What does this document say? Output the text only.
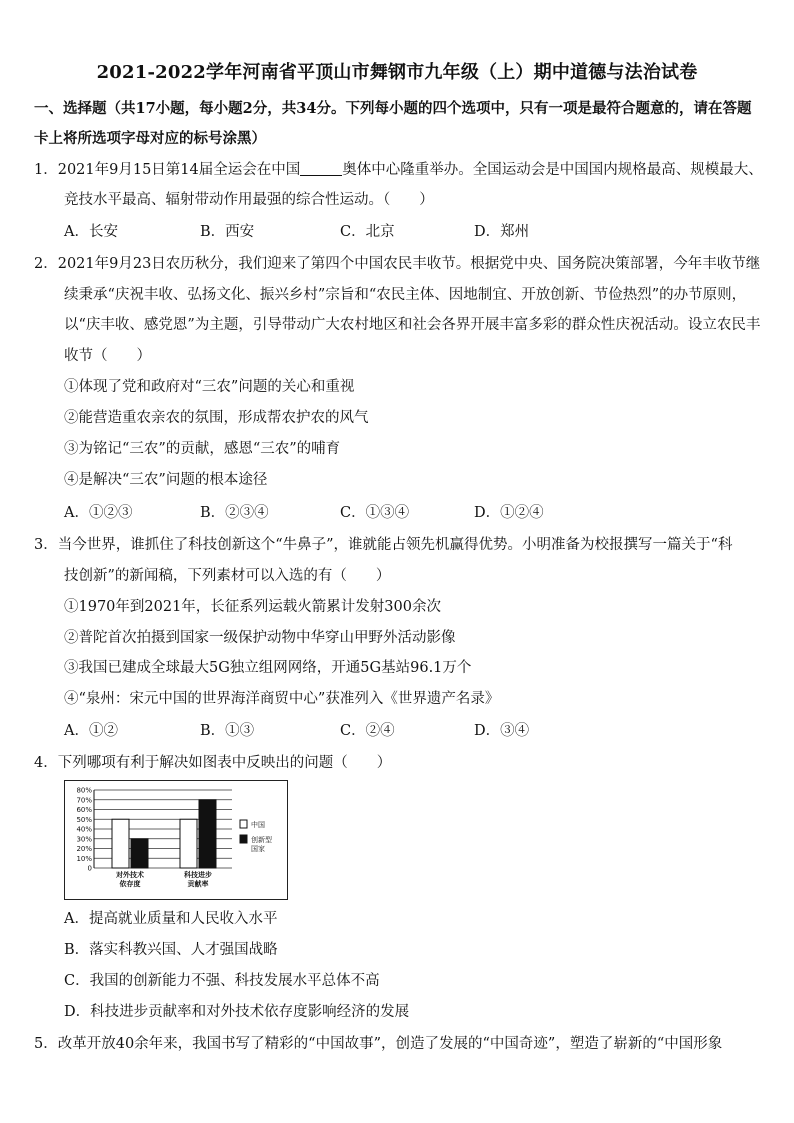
2021-2022学年河南省平顶山市舞钢市九年级（上）期中道德与法治试卷
一、选择题（共17小题，每小题2分，共34分。下列每小题的四个选项中，只有一项是最符合题意的，请在答题卡上将所选项字母对应的标号涂黑）
1．2021年9月15日第14届全运会在中国	奥体中心隆重举办。全国运动会是中国国内规格最高、规模最大、
竞技水平最高、辐射带动作用最强的综合性运动。（　　）
A．长安	B．西安	C．北京	D．郑州
2．2021年9月23日农历秋分，我们迎来了第四个中国农民丰收节。根据党中央、国务院决策部署，今年丰收节继
续秉承“庆祝丰收、弘扬文化、振兴乡村”宗旨和“农民主体、因地制宜、开放创新、节俭热烈”的办节原则，
以“庆丰收、感党恩”为主题，引导带动广大农村地区和社会各界开展丰富多彩的群众性庆祝活动。设立农民丰
收节（　　）
①体现了党和政府对“三农”问题的关心和重视
②能营造重农亲农的氛围，形成帮农护农的风气
③为铭记“三农”的贡献，感恩“三农”的哺育
④是解决“三农”问题的根本途径
A．①②③	B．②③④	C．①③④	D．①②④
3．当今世界，谁抓住了科技创新这个“牛鼻子”，谁就能占领先机赢得优势。小明准备为校报撰写一篇关于“科
技创新”的新闻稿，下列素材可以入选的有（　　）
①1970年到2021年，长征系列运载火箭累计发射300余次
②普陀首次拍摄到国家一级保护动物中华穿山甲野外活动影像
③我国已建成全球最大5G独立组网网络，开通5G基站96.1万个
④“泉州：宋元中国的世界海洋商贸中心”获准列入《世界遗产名录》
A．①②	B．①③	C．②④	D．③④
4．下列哪项有利于解决如图表中反映出的问题（　　）
0
10%
20%
30%
40%
50%
60%
70%
80%
对外技术
依存度
科技进步
贡献率
中国
创新型
国家
A．提高就业质量和人民收入水平
B．落实科教兴国、人才强国战略
C．我国的创新能力不强、科技发展水平总体不高
D．科技进步贡献率和对外技术依存度影响经济的发展
5．改革开放40余年来，我国书写了精彩的“中国故事”，创造了发展的“中国奇迹”，塑造了崭新的“中国形象
